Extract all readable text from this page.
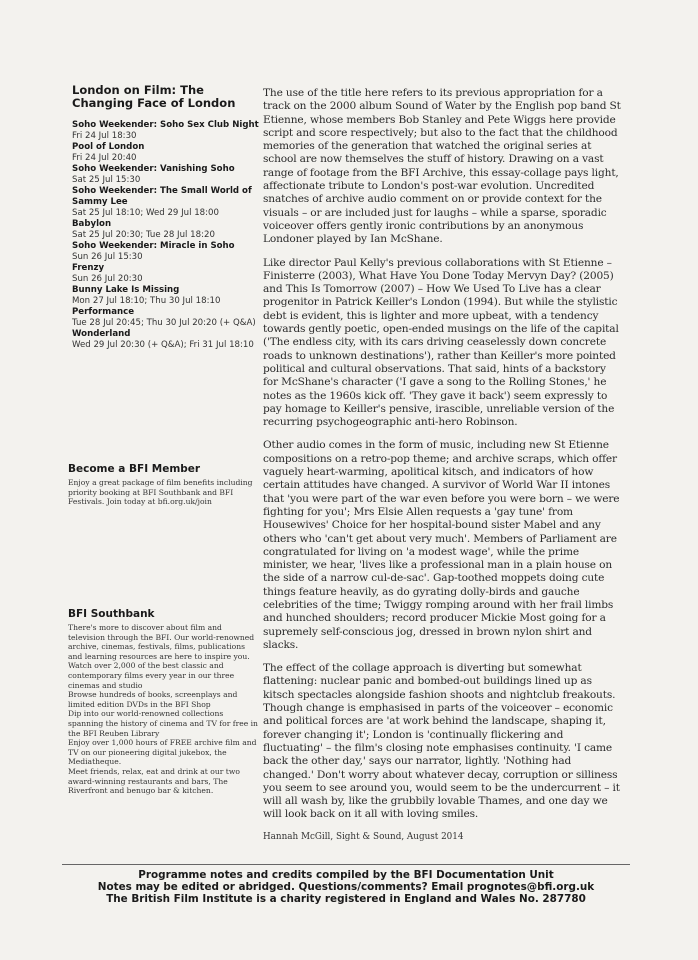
London on Film: The Changing Face of London
Soho Weekender: Soho Sex Club Night
Fri 24 Jul 18:30
Pool of London
Fri 24 Jul 20:40
Soho Weekender: Vanishing Soho
Sat 25 Jul 15:30
Soho Weekender: The Small World of Sammy Lee
Sat 25 Jul 18:10; Wed 29 Jul 18:00
Babylon
Sat 25 Jul 20:30; Tue 28 Jul 18:20
Soho Weekender: Miracle in Soho
Sun 26 Jul 15:30
Frenzy
Sun 26 Jul 20:30
Bunny Lake Is Missing
Mon 27 Jul 18:10; Thu 30 Jul 18:10
Performance
Tue 28 Jul 20:45; Thu 30 Jul 20:20 (+ Q&A)
Wonderland
Wed 29 Jul 20:30 (+ Q&A); Fri 31 Jul 18:10
Become a BFI Member
Enjoy a great package of film benefits including priority booking at BFI Southbank and BFI Festivals. Join today at bfi.org.uk/join
BFI Southbank
There's more to discover about film and television through the BFI. Our world-renowned archive, cinemas, festivals, films, publications and learning resources are here to inspire you.
Watch over 2,000 of the best classic and contemporary films every year in our three cinemas and studio
Browse hundreds of books, screenplays and limited edition DVDs in the BFI Shop
Dip into our world-renowned collections spanning the history of cinema and TV for free in the BFI Reuben Library
Enjoy over 1,000 hours of FREE archive film and TV on our pioneering digital jukebox, the Mediatheque.
Meet friends, relax, eat and drink at our two award-winning restaurants and bars, The Riverfront and benugo bar & kitchen.

The use of the title here refers to its previous appropriation for a track on the 2000 album Sound of Water by the English pop band St Etienne, whose members Bob Stanley and Pete Wiggs here provide script and score respectively; but also to the fact that the childhood memories of the generation that watched the original series at school are now themselves the stuff of history. Drawing on a vast range of footage from the BFI Archive, this essay-collage pays light, affectionate tribute to London's post-war evolution. Uncredited snatches of archive audio comment on or provide context for the visuals – or are included just for laughs – while a sparse, sporadic voiceover offers gently ironic contributions by an anonymous Londoner played by Ian McShane.

Like director Paul Kelly's previous collaborations with St Etienne – Finisterre (2003), What Have You Done Today Mervyn Day? (2005) and This Is Tomorrow (2007) – How We Used To Live has a clear progenitor in Patrick Keiller's London (1994). But while the stylistic debt is evident, this is lighter and more upbeat, with a tendency towards gently poetic, open-ended musings on the life of the capital ('The endless city, with its cars driving ceaselessly down concrete roads to unknown destinations'), rather than Keiller's more pointed political and cultural observations. That said, hints of a backstory for McShane's character ('I gave a song to the Rolling Stones,' he notes as the 1960s kick off. 'They gave it back') seem expressly to pay homage to Keiller's pensive, irascible, unreliable version of the recurring psychogeographic anti-hero Robinson.

Other audio comes in the form of music, including new St Etienne compositions on a retro-pop theme; and archive scraps, which offer vaguely heart-warming, apolitical kitsch, and indicators of how certain attitudes have changed. A survivor of World War II intones that 'you were part of the war even before you were born – we were fighting for you'; Mrs Elsie Allen requests a 'gay tune' from Housewives' Choice for her hospital-bound sister Mabel and any others who 'can't get about very much'. Members of Parliament are congratulated for living on 'a modest wage', while the prime minister, we hear, 'lives like a professional man in a plain house on the side of a narrow cul-de-sac'. Gap-toothed moppets doing cute things feature heavily, as do gyrating dolly-birds and gauche celebrities of the time; Twiggy romping around with her frail limbs and hunched shoulders; record producer Mickie Most going for a supremely self-conscious jog, dressed in brown nylon shirt and slacks.

The effect of the collage approach is diverting but somewhat flattening: nuclear panic and bombed-out buildings lined up as kitsch spectacles alongside fashion shoots and nightclub freakouts. Though change is emphasised in parts of the voiceover – economic and political forces are 'at work behind the landscape, shaping it, forever changing it'; London is 'continually flickering and fluctuating' – the film's closing note emphasises continuity. 'I came back the other day,' says our narrator, lightly. 'Nothing had changed.' Don't worry about whatever decay, corruption or silliness you seem to see around you, would seem to be the undercurrent – it will all wash by, like the grubbily lovable Thames, and one day we will look back on it all with loving smiles.

Hannah McGill, Sight & Sound, August 2014
Programme notes and credits compiled by the BFI Documentation Unit
Notes may be edited or abridged. Questions/comments? Email prognotes@bfi.org.uk
The British Film Institute is a charity registered in England and Wales No. 287780
